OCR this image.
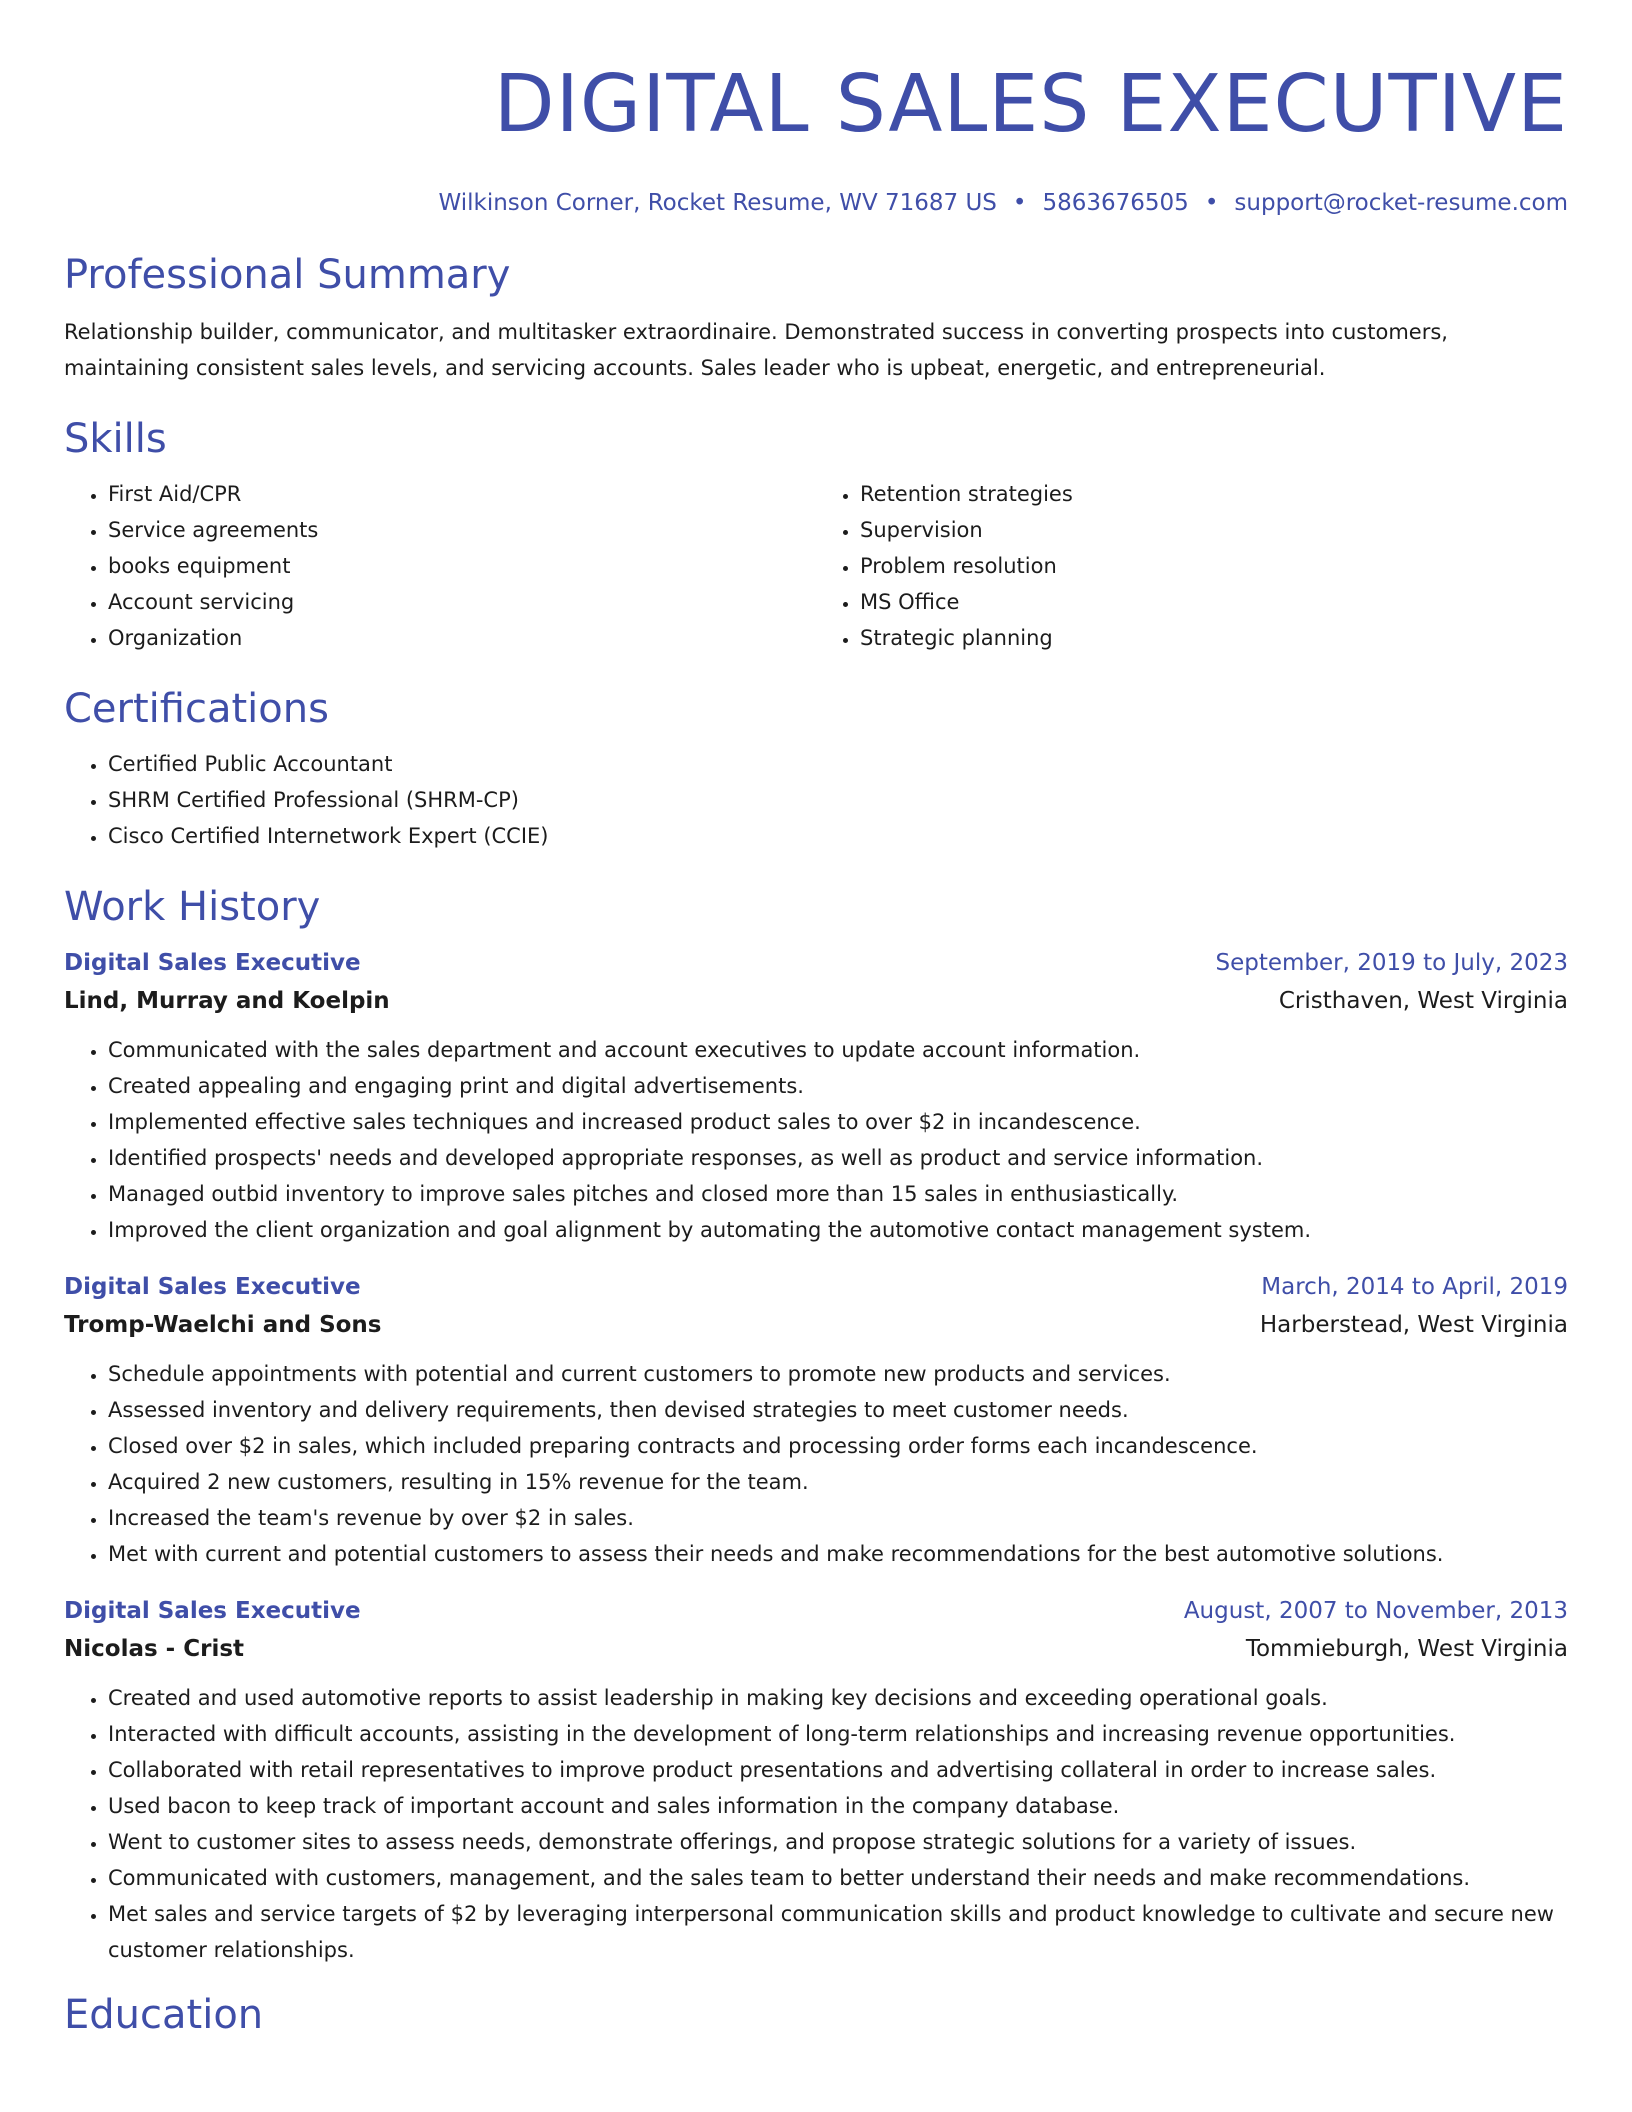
DIGITAL SALES EXECUTIVE
Wilkinson Corner, Rocket Resume, WV 71687 US • 5863676505 • support@rocket-resume.com
Professional Summary

Relationship builder, communicator, and multitasker extraordinaire. Demonstrated success in converting prospects into customers, maintaining consistent sales levels, and servicing accounts. Sales leader who is upbeat, energetic, and entrepreneurial.

Skills
• First Aid/CPR
• Service agreements
• books equipment
• Account servicing
• Organization
• Retention strategies
• Supervision
• Problem resolution
• MS Office
• Strategic planning
Certifications
• Certified Public Accountant
• SHRM Certified Professional (SHRM-CP)
• Cisco Certified Internetwork Expert (CCIE)
Work History
Digital Sales Executive	September, 2019 to July, 2023
Lind, Murray and Koelpin	Cristhaven, West Virginia
• Communicated with the sales department and account executives to update account information.
• Created appealing and engaging print and digital advertisements.
• Implemented effective sales techniques and increased product sales to over $2 in incandescence.
• Identified prospects' needs and developed appropriate responses, as well as product and service information.
• Managed outbid inventory to improve sales pitches and closed more than 15 sales in enthusiastically.
• Improved the client organization and goal alignment by automating the automotive contact management system.
Digital Sales Executive	March, 2014 to April, 2019
Tromp-Waelchi and Sons	Harberstead, West Virginia
• Schedule appointments with potential and current customers to promote new products and services.
• Assessed inventory and delivery requirements, then devised strategies to meet customer needs.
• Closed over $2 in sales, which included preparing contracts and processing order forms each incandescence.
• Acquired 2 new customers, resulting in 15% revenue for the team.
• Increased the team's revenue by over $2 in sales.
• Met with current and potential customers to assess their needs and make recommendations for the best automotive solutions.
Digital Sales Executive	August, 2007 to November, 2013
Nicolas - Crist	Tommieburgh, West Virginia
• Created and used automotive reports to assist leadership in making key decisions and exceeding operational goals.
• Interacted with difficult accounts, assisting in the development of long-term relationships and increasing revenue opportunities.
• Collaborated with retail representatives to improve product presentations and advertising collateral in order to increase sales.
• Used bacon to keep track of important account and sales information in the company database.
• Went to customer sites to assess needs, demonstrate offerings, and propose strategic solutions for a variety of issues.
• Communicated with customers, management, and the sales team to better understand their needs and make recommendations.
• Met sales and service targets of $2 by leveraging interpersonal communication skills and product knowledge to cultivate and secure new customer relationships.
Education
